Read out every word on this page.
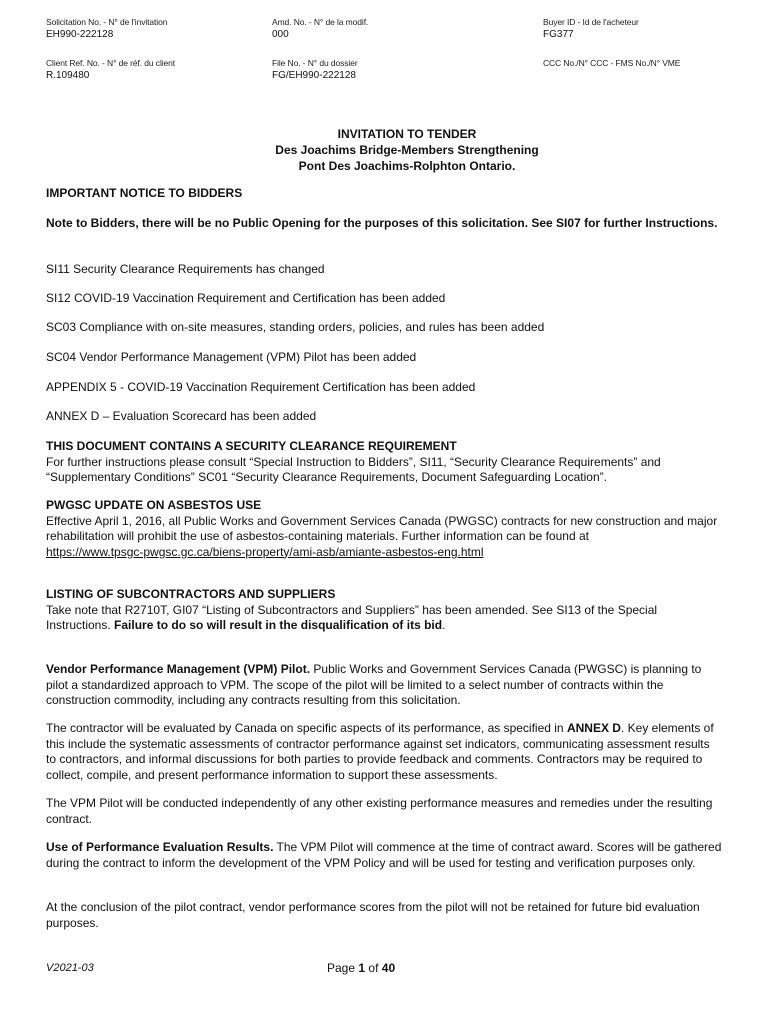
Solicitation No. - N° de l'invitation
EH990-222128
Amd. No. - N° de la modif.
000
Buyer ID - Id de l'acheteur
FG377
Client Ref. No. - N° de réf. du client
R.109480
File No. - N° du dossier
FG/EH990-222128
CCC No./N° CCC - FMS No./N° VME
INVITATION TO TENDER
Des Joachims Bridge-Members Strengthening
Pont Des Joachims-Rolphton Ontario.
IMPORTANT NOTICE TO BIDDERS
Note to Bidders, there will be no Public Opening for the purposes of this solicitation. See SI07 for further Instructions.
SI11 Security Clearance Requirements has changed
SI12 COVID-19 Vaccination Requirement and Certification has been added
SC03 Compliance with on-site measures, standing orders, policies, and rules has been added
SC04 Vendor Performance Management (VPM) Pilot has been added
APPENDIX 5 - COVID-19 Vaccination Requirement Certification has been added
ANNEX D – Evaluation Scorecard has been added
THIS DOCUMENT CONTAINS A SECURITY CLEARANCE REQUIREMENT
For further instructions please consult “Special Instruction to Bidders”, SI11, “Security Clearance Requirements” and “Supplementary Conditions” SC01 “Security Clearance Requirements, Document Safeguarding Location”.
PWGSC UPDATE ON ASBESTOS USE
Effective April 1, 2016, all Public Works and Government Services Canada (PWGSC) contracts for new construction and major rehabilitation will prohibit the use of asbestos-containing materials. Further information can be found at
https://www.tpsgc-pwgsc.gc.ca/biens-property/ami-asb/amiante-asbestos-eng.html
LISTING OF SUBCONTRACTORS AND SUPPLIERS
Take note that R2710T, GI07 “Listing of Subcontractors and Suppliers” has been amended. See SI13 of the Special Instructions. Failure to do so will result in the disqualification of its bid.
Vendor Performance Management (VPM) Pilot. Public Works and Government Services Canada (PWGSC) is planning to pilot a standardized approach to VPM. The scope of the pilot will be limited to a select number of contracts within the construction commodity, including any contracts resulting from this solicitation.
The contractor will be evaluated by Canada on specific aspects of its performance, as specified in ANNEX D. Key elements of this include the systematic assessments of contractor performance against set indicators, communicating assessment results to contractors, and informal discussions for both parties to provide feedback and comments. Contractors may be required to collect, compile, and present performance information to support these assessments.
The VPM Pilot will be conducted independently of any other existing performance measures and remedies under the resulting contract.
Use of Performance Evaluation Results. The VPM Pilot will commence at the time of contract award. Scores will be gathered during the contract to inform the development of the VPM Policy and will be used for testing and verification purposes only.
At the conclusion of the pilot contract, vendor performance scores from the pilot will not be retained for future bid evaluation purposes.
V2021-03	Page 1 of 40
